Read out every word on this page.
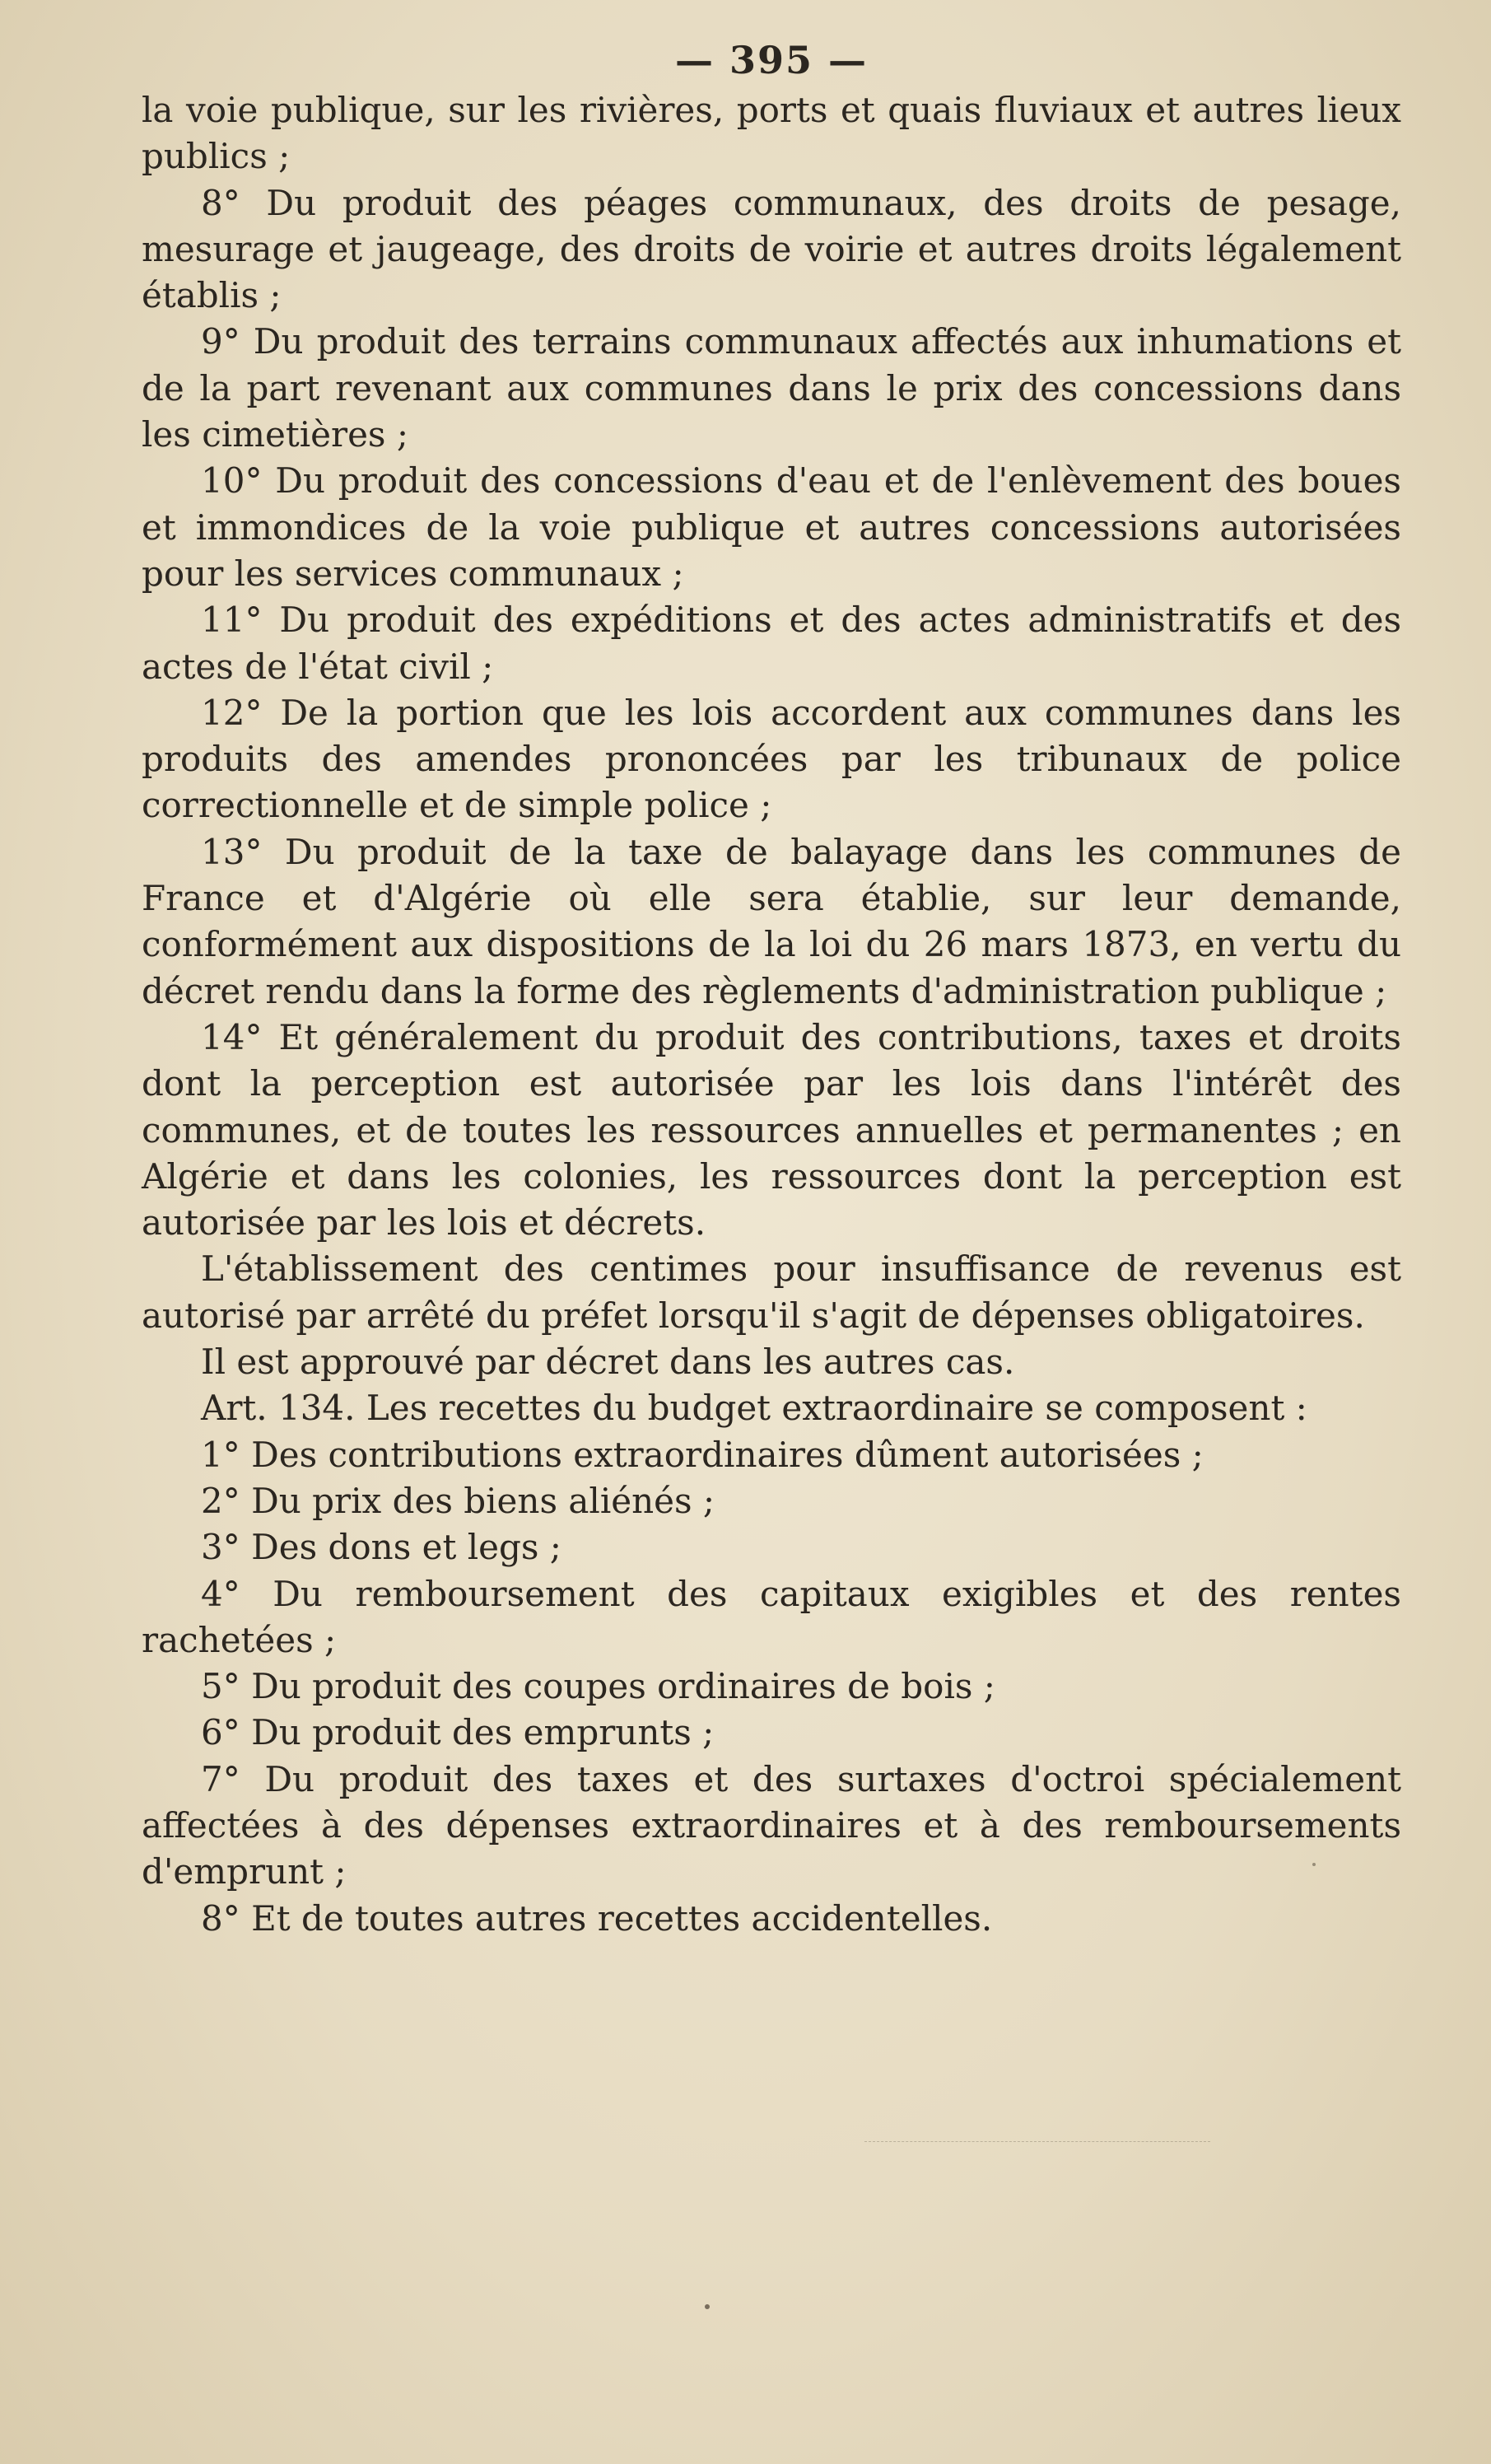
— 395 —

la voie publique, sur les rivières, ports et quais fluviaux et autres lieux publics ;

8° Du produit des péages communaux, des droits de pesage, mesurage et jaugeage, des droits de voirie et autres droits légalement établis ;

9° Du produit des terrains communaux affectés aux inhumations et de la part revenant aux communes dans le prix des concessions dans les cimetières ;

10° Du produit des concessions d'eau et de l'enlèvement des boues et immondices de la voie publique et autres concessions autorisées pour les services communaux ;

11° Du produit des expéditions et des actes administratifs et des actes de l'état civil ;

12° De la portion que les lois accordent aux communes dans les produits des amendes prononcées par les tribunaux de police correctionnelle et de simple police ;

13° Du produit de la taxe de balayage dans les communes de France et d'Algérie où elle sera établie, sur leur demande, conformément aux dispositions de la loi du 26 mars 1873, en vertu du décret rendu dans la forme des règlements d'administration publique ;

14° Et généralement du produit des contributions, taxes et droits dont la perception est autorisée par les lois dans l'intérêt des communes, et de toutes les ressources annuelles et permanentes ; en Algérie et dans les colonies, les ressources dont la perception est autorisée par les lois et décrets.

L'établissement des centimes pour insuffisance de revenus est autorisé par arrêté du préfet lorsqu'il s'agit de dépenses obligatoires.

Il est approuvé par décret dans les autres cas.

Art. 134. Les recettes du budget extraordinaire se composent :

1° Des contributions extraordinaires dûment autorisées ;

2° Du prix des biens aliénés ;

3° Des dons et legs ;

4° Du remboursement des capitaux exigibles et des rentes rachetées ;

5° Du produit des coupes ordinaires de bois ;

6° Du produit des emprunts ;

7° Du produit des taxes et des surtaxes d'octroi spécialement affectées à des dépenses extraordinaires et à des remboursements d'emprunt ;

8° Et de toutes autres recettes accidentelles.
